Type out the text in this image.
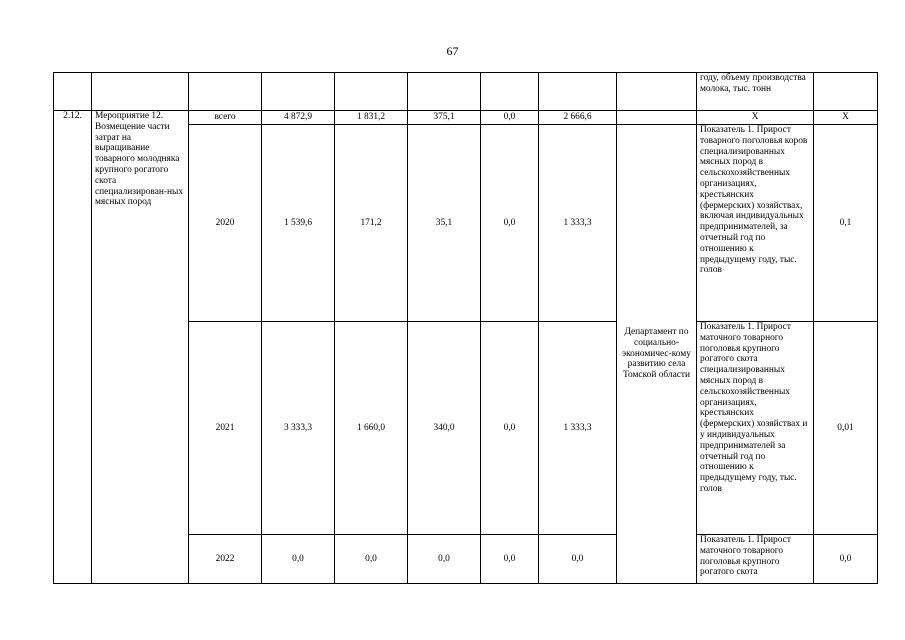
67
									году, объему производства молока, тыс. тонн	
2.12.	Мероприятие 12. Возмещение части затрат на выращивание товарного молодняка крупного рогатого скота специализирован-ных мясных пород	всего	4 872,9	1 831,2	375,1	0,0	2 666,6		Х	Х
		2020	1 539,6	171,2	35,1	0,0	1 333,3	Департамент по социально-экономичес-кому развитию села Томской области	Показатель 1. Прирост товарного поголовья коров специализированных мясных пород в сельскохозяйственных организациях, крестьянских (фермерских) хозяйствах, включая индивидуальных предпринимателей, за отчетный год по отношению к предыдущему году, тыс. голов	0,1
		2021	3 333,3	1 660,0	340,0	0,0	1 333,3		Показатель 1. Прирост маточного товарного поголовья крупного рогатого скота специализированных мясных пород в сельскохозяйственных организациях, крестьянских (фермерских) хозяйствах и у индивидуальных предпринимателей за отчетный год по отношению к предыдущему году, тыс. голов	0,01
		2022	0,0	0,0	0,0	0,0	0,0		Показатель 1. Прирост маточного товарного поголовья крупного рогатого скота	0,0
